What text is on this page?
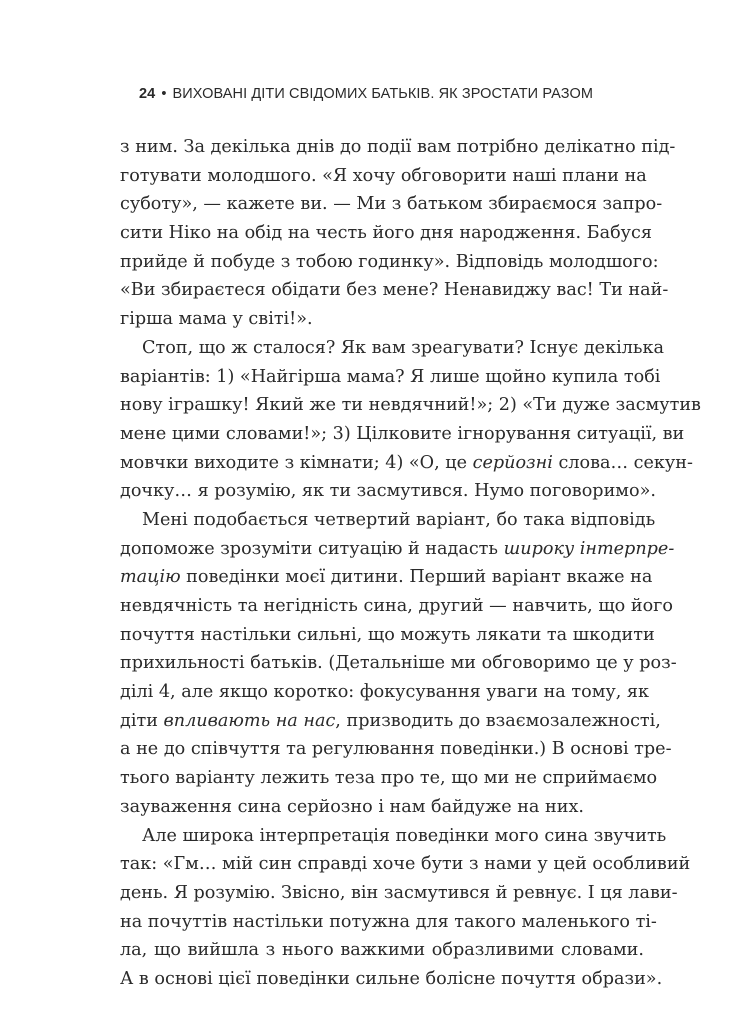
24 • ВИХОВАНІ ДІТИ СВІДОМИХ БАТЬКІВ. ЯК ЗРОСТАТИ РАЗОМ
з ним. За декілька днів до події вам потрібно делікатно під-
готувати молодшого. «Я хочу обговорити наші плани на
суботу», — кажете ви. — Ми з батьком збираємося запро-
сити Ніко на обід на честь його дня народження. Бабуся
прийде й побуде з тобою годинку». Відповідь молодшого:
«Ви збираєтеся обідати без мене? Ненавиджу вас! Ти най-
гірша мама у світі!».
Стоп, що ж сталося? Як вам зреагувати? Існує декілька
варіантів: 1) «Найгірша мама? Я лише щойно купила тобі
нову іграшку! Який же ти невдячний!»; 2) «Ти дуже засмутив
мене цими словами!»; 3) Цілковите ігнорування ситуації, ви
мовчки виходите з кімнати; 4) «О, це серйозні слова… секун-
дочку… я розумію, як ти засмутився. Нумо поговоримо».
Мені подобається четвертий варіант, бо така відповідь
допоможе зрозуміти ситуацію й надасть широку інтерпре-
тацію поведінки моєї дитини. Перший варіант вкаже на
невдячність та негідність сина, другий — навчить, що його
почуття настільки сильні, що можуть лякати та шкодити
прихильності батьків. (Детальніше ми обговоримо це у роз-
ділі 4, але якщо коротко: фокусування уваги на тому, як
діти впливають на нас, призводить до взаємозалежності,
а не до співчуття та регулювання поведінки.) В основі тре-
тього варіанту лежить теза про те, що ми не сприймаємо
зауваження сина серйозно і нам байдуже на них.
Але широка інтерпретація поведінки мого сина звучить
так: «Гм… мій син справді хоче бути з нами у цей особливий
день. Я розумію. Звісно, він засмутився й ревнує. І ця лави-
на почуттів настільки потужна для такого маленького ті-
ла, що вийшла з нього важкими образливими словами.
А в основі цієї поведінки сильне болісне почуття образи».
